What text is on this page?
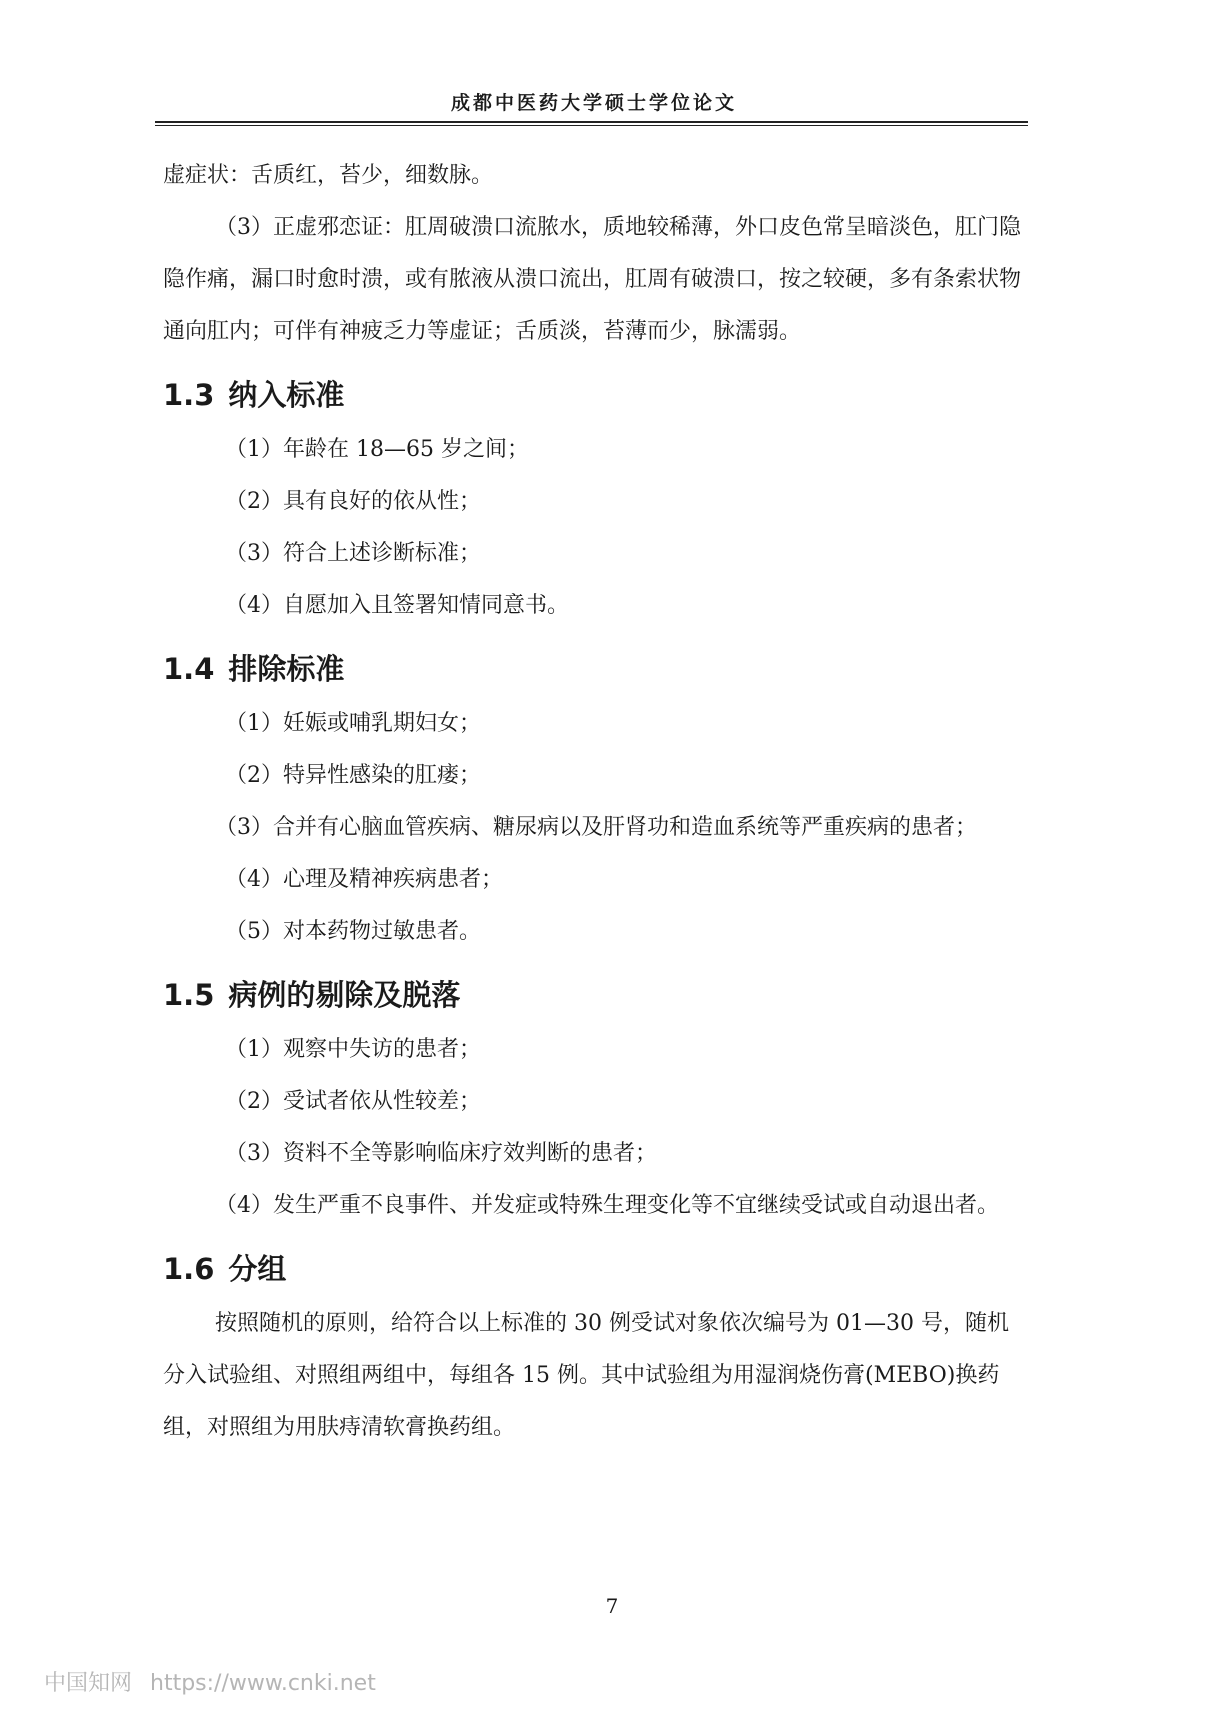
成都中医药大学硕士学位论文

虚症状：舌质红，苔少，细数脉。

（3）正虚邪恋证：肛周破溃口流脓水，质地较稀薄，外口皮色常呈暗淡色，肛门隐隐作痛，漏口时愈时溃，或有脓液从溃口流出，肛周有破溃口，按之较硬，多有条索状物通向肛内；可伴有神疲乏力等虚证；舌质淡，苔薄而少，脉濡弱。

1.3 纳入标准

（1）年龄在 18—65 岁之间；

（2）具有良好的依从性；

（3）符合上述诊断标准；

（4）自愿加入且签署知情同意书。

1.4 排除标准

（1）妊娠或哺乳期妇女；

（2）特异性感染的肛瘘；

（3）合并有心脑血管疾病、糖尿病以及肝肾功和造血系统等严重疾病的患者；

（4）心理及精神疾病患者；

（5）对本药物过敏患者。

1.5 病例的剔除及脱落

（1）观察中失访的患者；

（2）受试者依从性较差；

（3）资料不全等影响临床疗效判断的患者；

（4）发生严重不良事件、并发症或特殊生理变化等不宜继续受试或自动退出者。

1.6 分组

按照随机的原则，给符合以上标准的 30 例受试对象依次编号为 01—30 号，随机分入试验组、对照组两组中，每组各 15 例。其中试验组为用湿润烧伤膏(MEBO)换药组，对照组为用肤痔清软膏换药组。

7
中国知网 https://www.cnki.net
